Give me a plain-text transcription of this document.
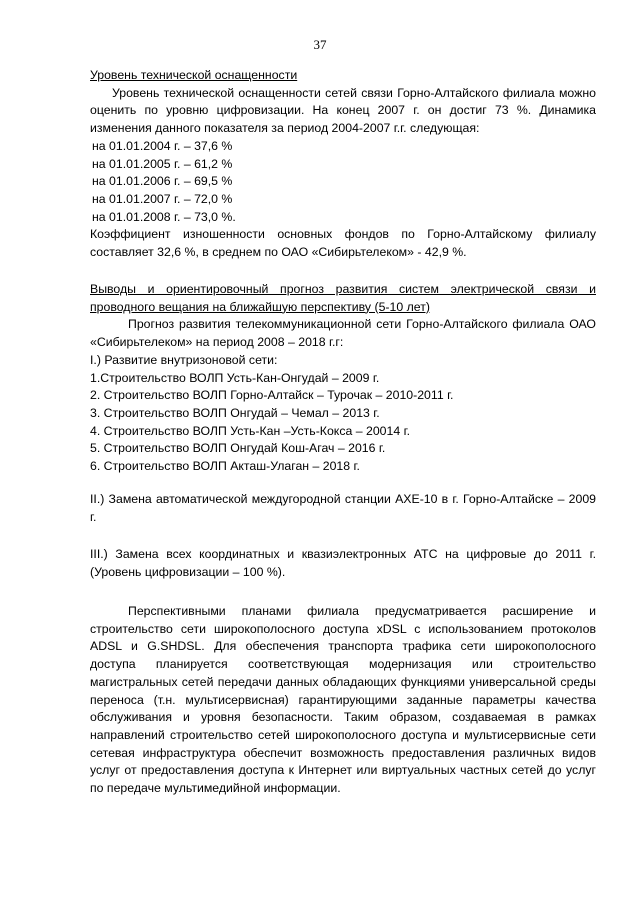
37

Уровень технической оснащенности

Уровень технической оснащенности сетей связи Горно-Алтайского филиала можно оценить по уровню цифровизации. На конец 2007 г. он достиг 73 %. Динамика изменения данного показателя за период 2004-2007 г.г. следующая:

на 01.01.2004 г. – 37,6 %

на 01.01.2005 г. – 61,2 %

на 01.01.2006 г. – 69,5 %

на 01.01.2007 г. – 72,0 %

на 01.01.2008 г. – 73,0 %.

Коэффициент изношенности основных фондов по Горно-Алтайскому филиалу составляет 32,6 %, в среднем по ОАО «Сибирьтелеком» - 42,9 %.

Выводы и ориентировочный прогноз развития систем электрической связи и проводного вещания на ближайшую перспективу (5-10 лет)

Прогноз развития телекоммуникационной сети Горно-Алтайского филиала ОАО «Сибирьтелеком» на период 2008 – 2018 г.г:

I.) Развитие внутризоновой сети:

1.Строительство ВОЛП Усть-Кан-Онгудай – 2009 г.

2. Строительство ВОЛП Горно-Алтайск – Турочак – 2010-2011 г.

3. Строительство ВОЛП Онгудай – Чемал – 2013 г.

4. Строительство ВОЛП Усть-Кан –Усть-Кокса – 20014 г.

5. Строительство ВОЛП Онгудай Кош-Агач – 2016 г.

6. Строительство ВОЛП Акташ-Улаган – 2018 г.

II.) Замена автоматической междугородной станции АХЕ-10 в г. Горно-Алтайске – 2009 г.

III.) Замена всех координатных и квазиэлектронных АТС на цифровые до 2011 г. (Уровень цифровизации – 100 %).

Перспективными планами филиала предусматривается расширение и строительство сети широкополосного доступа xDSL с использованием протоколов ADSL и G.SHDSL. Для обеспечения транспорта трафика сети широкополосного доступа планируется соответствующая модернизация или строительство магистральных сетей передачи данных обладающих функциями универсальной среды переноса (т.н. мультисервисная) гарантирующими заданные параметры качества обслуживания и уровня безопасности. Таким образом, создаваемая в рамках направлений строительство сетей широкополосного доступа и мультисервисные сети сетевая инфраструктура обеспечит возможность предоставления различных видов услуг от предоставления доступа к Интернет или виртуальных частных сетей до услуг по передаче мультимедийной информации.
